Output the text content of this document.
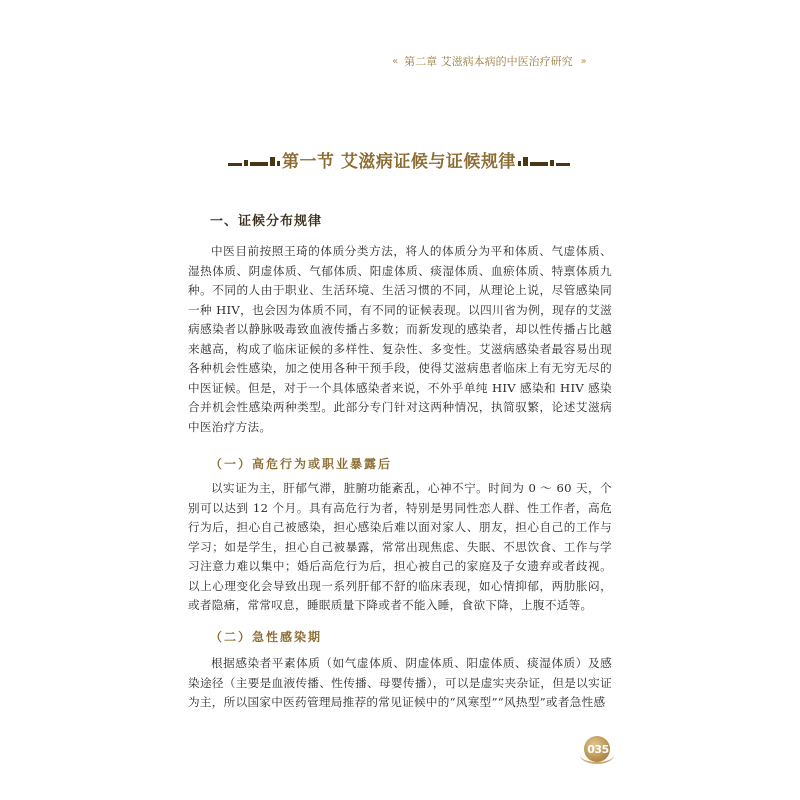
« 第二章 艾滋病本病的中医治疗研究 »
第一节 艾滋病证候与证候规律
一、证候分布规律

中医目前按照王琦的体质分类方法，将人的体质分为平和体质、气虚体质、湿热体质、阴虚体质、气郁体质、阳虚体质、痰湿体质、血瘀体质、特禀体质九种。不同的人由于职业、生活环境、生活习惯的不同，从理论上说，尽管感染同一种 HIV，也会因为体质不同，有不同的证候表现。以四川省为例，现存的艾滋病感染者以静脉吸毒致血液传播占多数；而新发现的感染者，却以性传播占比越来越高，构成了临床证候的多样性、复杂性、多变性。艾滋病感染者最容易出现各种机会性感染，加之使用各种干预手段，使得艾滋病患者临床上有无穷无尽的中医证候。但是，对于一个具体感染者来说，不外乎单纯 HIV 感染和 HIV 感染合并机会性感染两种类型。此部分专门针对这两种情况，执简驭繁，论述艾滋病中医治疗方法。

（一）高危行为或职业暴露后

以实证为主，肝郁气滞，脏腑功能紊乱，心神不宁。时间为 0 ～ 60 天，个别可以达到 12 个月。具有高危行为者，特别是男同性恋人群、性工作者，高危行为后，担心自己被感染，担心感染后难以面对家人、朋友，担心自己的工作与学习；如是学生，担心自己被暴露，常常出现焦虑、失眠、不思饮食、工作与学习注意力难以集中；婚后高危行为后，担心被自己的家庭及子女遗弃或者歧视。以上心理变化会导致出现一系列肝郁不舒的临床表现，如心情抑郁，两肋胀闷，或者隐痛，常常叹息，睡眠质量下降或者不能入睡，食欲下降，上腹不适等。

（二）急性感染期

根据感染者平素体质（如气虚体质、阴虚体质、阳虚体质、痰湿体质）及感染途径（主要是血液传播、性传播、母婴传播），可以是虚实夹杂证，但是以实证为主，所以国家中医药管理局推荐的常见证候中的“风寒型”“风热型”或者急性感

035
